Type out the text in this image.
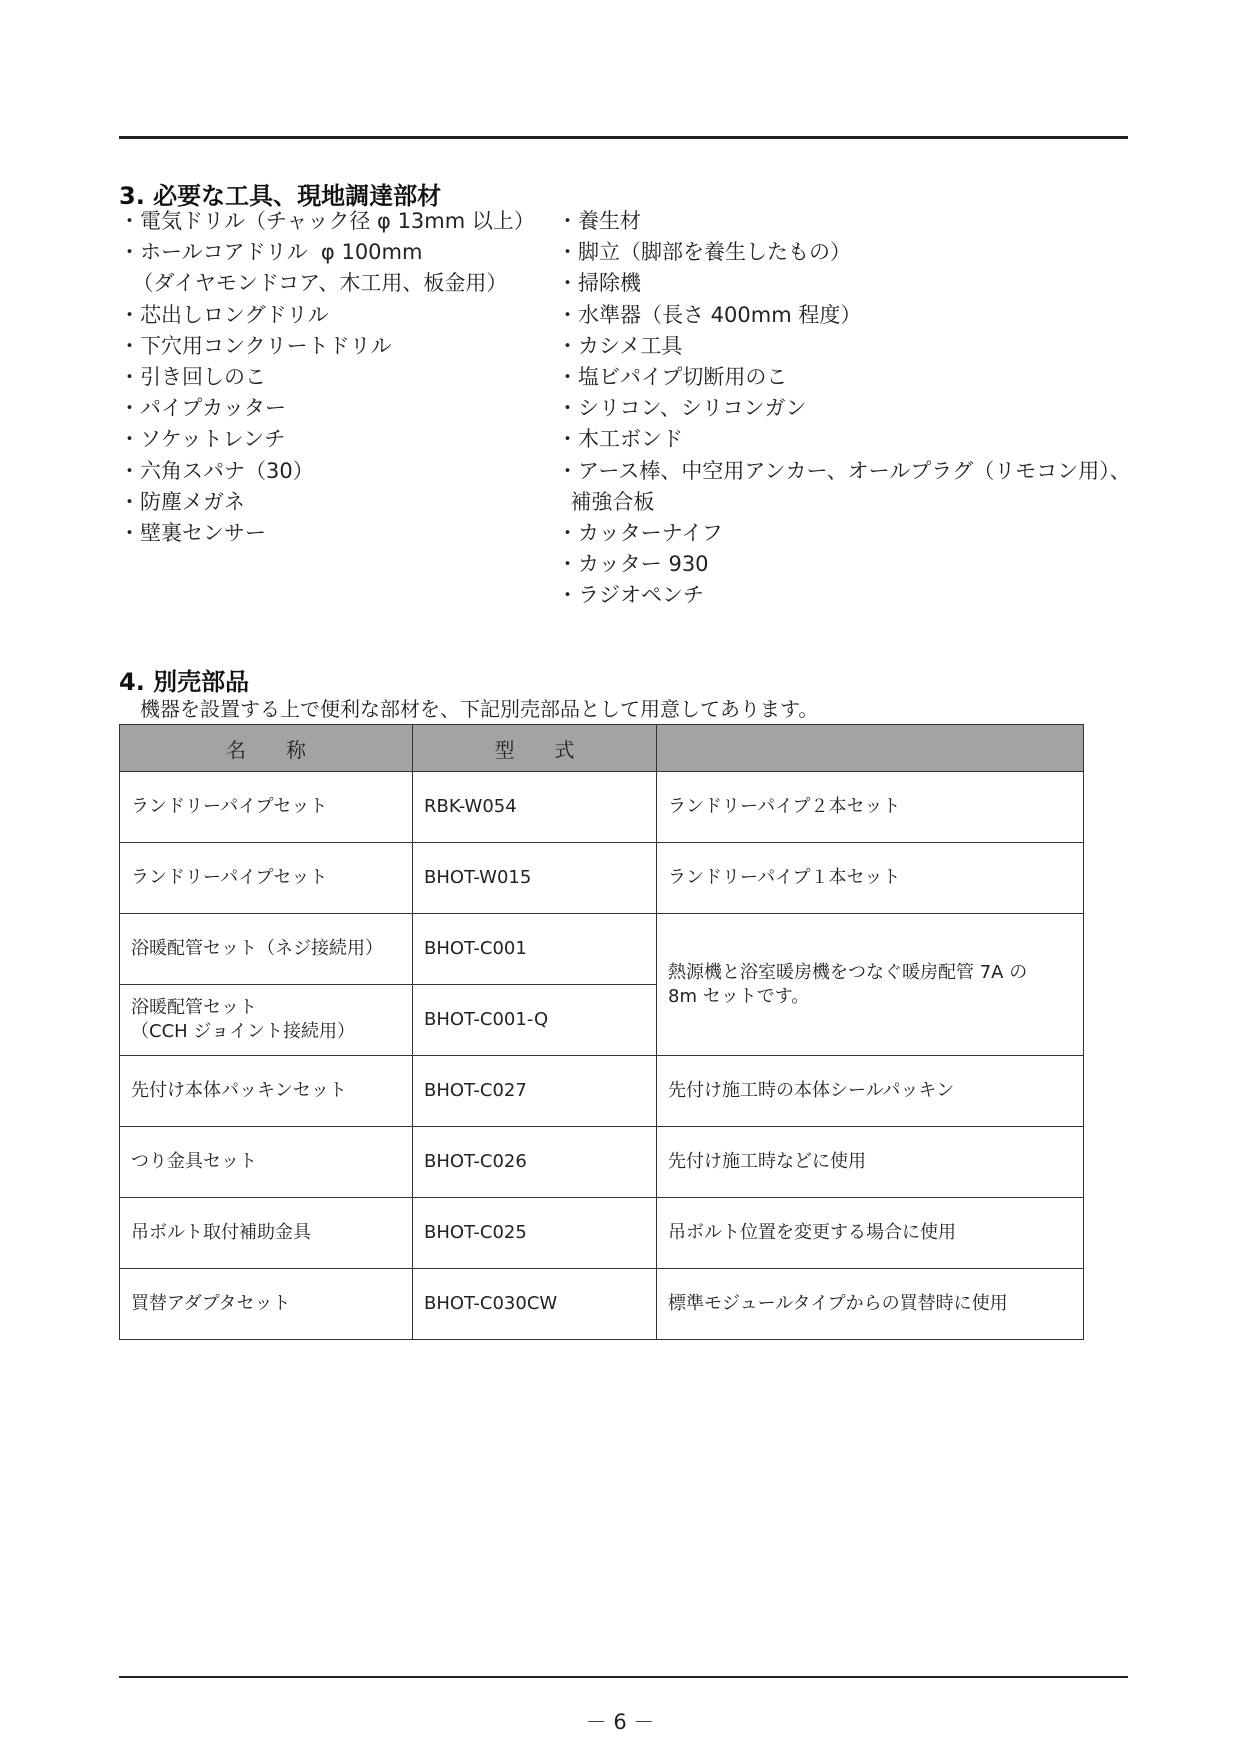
3. 必要な工具、現地調達部材
・電気ドリル（チャック径 φ 13mm 以上）
・ホールコアドリル  φ 100mm
（ダイヤモンドコア、木工用、板金用）
・芯出しロングドリル
・下穴用コンクリートドリル
・引き回しのこ
・パイプカッター
・ソケットレンチ
・六角スパナ（30）
・防塵メガネ
・壁裏センサー
・養生材
・脚立（脚部を養生したもの）
・掃除機
・水準器（長さ 400mm 程度）
・カシメ工具
・塩ビパイプ切断用のこ
・シリコン、シリコンガン
・木工ボンド
・アース棒、中空用アンカー、オールプラグ（リモコン用）、
補強合板
・カッターナイフ
・カッター 930
・ラジオペンチ
4. 別売部品
機器を設置する上で便利な部材を、下記別売部品として用意してあります。
名　　称	型　　式	
ランドリーパイプセット	RBK-W054	ランドリーパイプ２本セット
ランドリーパイプセット	BHOT-W015	ランドリーパイプ１本セット
浴暖配管セット（ネジ接続用）	BHOT-C001	熱源機と浴室暖房機をつなぐ暖房配管 7A の
8m セットです。
浴暖配管セット
（CCH ジョイント接続用）	BHOT-C001-Q	
先付け本体パッキンセット	BHOT-C027	先付け施工時の本体シールパッキン
つり金具セット	BHOT-C026	先付け施工時などに使用
吊ボルト取付補助金具	BHOT-C025	吊ボルト位置を変更する場合に使用
買替アダプタセット	BHOT-C030CW	標準モジュールタイプからの買替時に使用
－ 6 －
